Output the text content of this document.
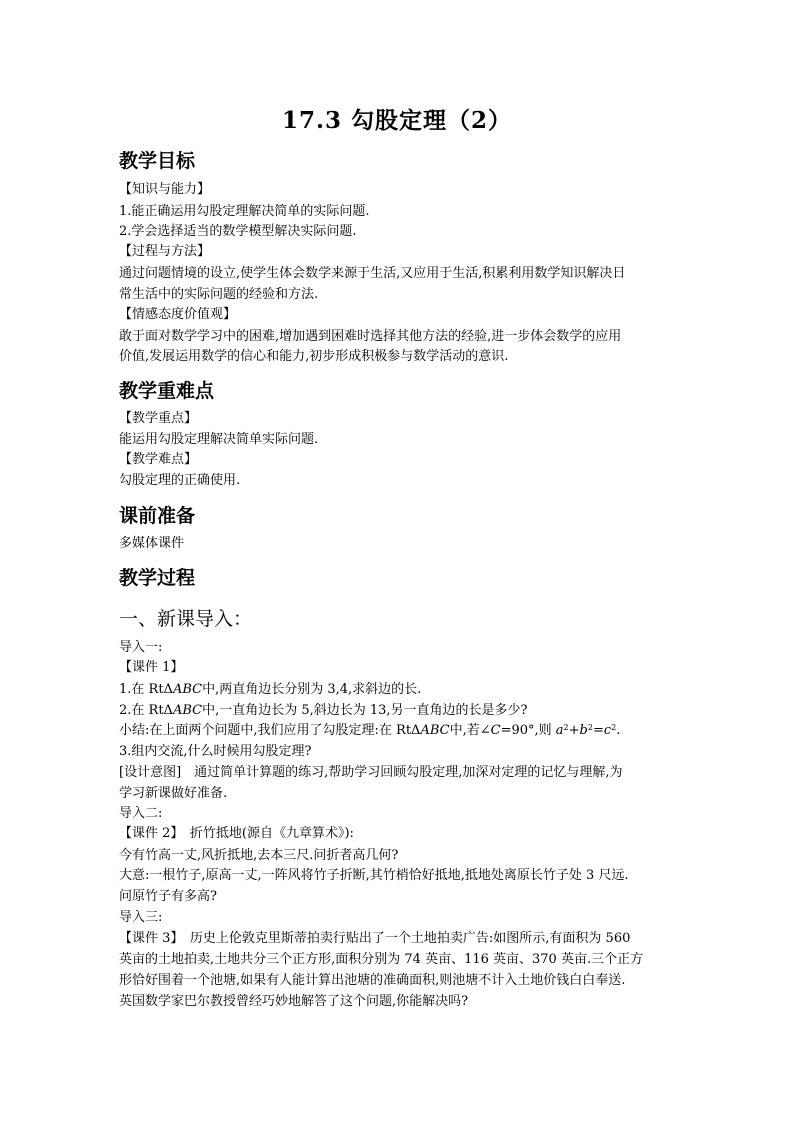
17.3 勾股定理（2）
教学目标
【知识与能力】
1.能正确运用勾股定理解决简单的实际问题.
2.学会选择适当的数学模型解决实际问题.
【过程与方法】
通过问题情境的设立,使学生体会数学来源于生活,又应用于生活,积累利用数学知识解决日
常生活中的实际问题的经验和方法.
【情感态度价值观】
敢于面对数学学习中的困难,增加遇到困难时选择其他方法的经验,进一步体会数学的应用
价值,发展运用数学的信心和能力,初步形成积极参与数学活动的意识.
教学重难点
【教学重点】
能运用勾股定理解决简单实际问题.
【教学难点】
勾股定理的正确使用.
课前准备
多媒体课件
教学过程
一、新课导入：
导入一:
【课件 1】
1.在 RtΔABC中,两直角边长分别为 3,4,求斜边的长.
2.在 RtΔABC中,一直角边长为 5,斜边长为 13,另一直角边的长是多少?
小结:在上面两个问题中,我们应用了勾股定理:在 RtΔABC中,若∠C=90°,则 $a^2+b^2=c^2$.
3.组内交流,什么时候用勾股定理?
[设计意图]　通过简单计算题的练习,帮助学习回顾勾股定理,加深对定理的记忆与理解,为
学习新课做好准备.
导入二:
【课件 2】　折竹抵地(源自《九章算术》):
今有竹高一丈,风折抵地,去本三尺.问折者高几何?
大意:一根竹子,原高一丈,一阵风将竹子折断,其竹梢恰好抵地,抵地处离原长竹子处 3 尺远.
问原竹子有多高?
导入三:
【课件 3】　历史上伦敦克里斯蒂拍卖行贴出了一个土地拍卖广告:如图所示,有面积为 560
英亩的土地拍卖,土地共分三个正方形,面积分别为 74 英亩、116 英亩、370 英亩.三个正方
形恰好围着一个池塘,如果有人能计算出池塘的准确面积,则池塘不计入土地价钱白白奉送.
英国数学家巴尔教授曾经巧妙地解答了这个问题,你能解决吗?
